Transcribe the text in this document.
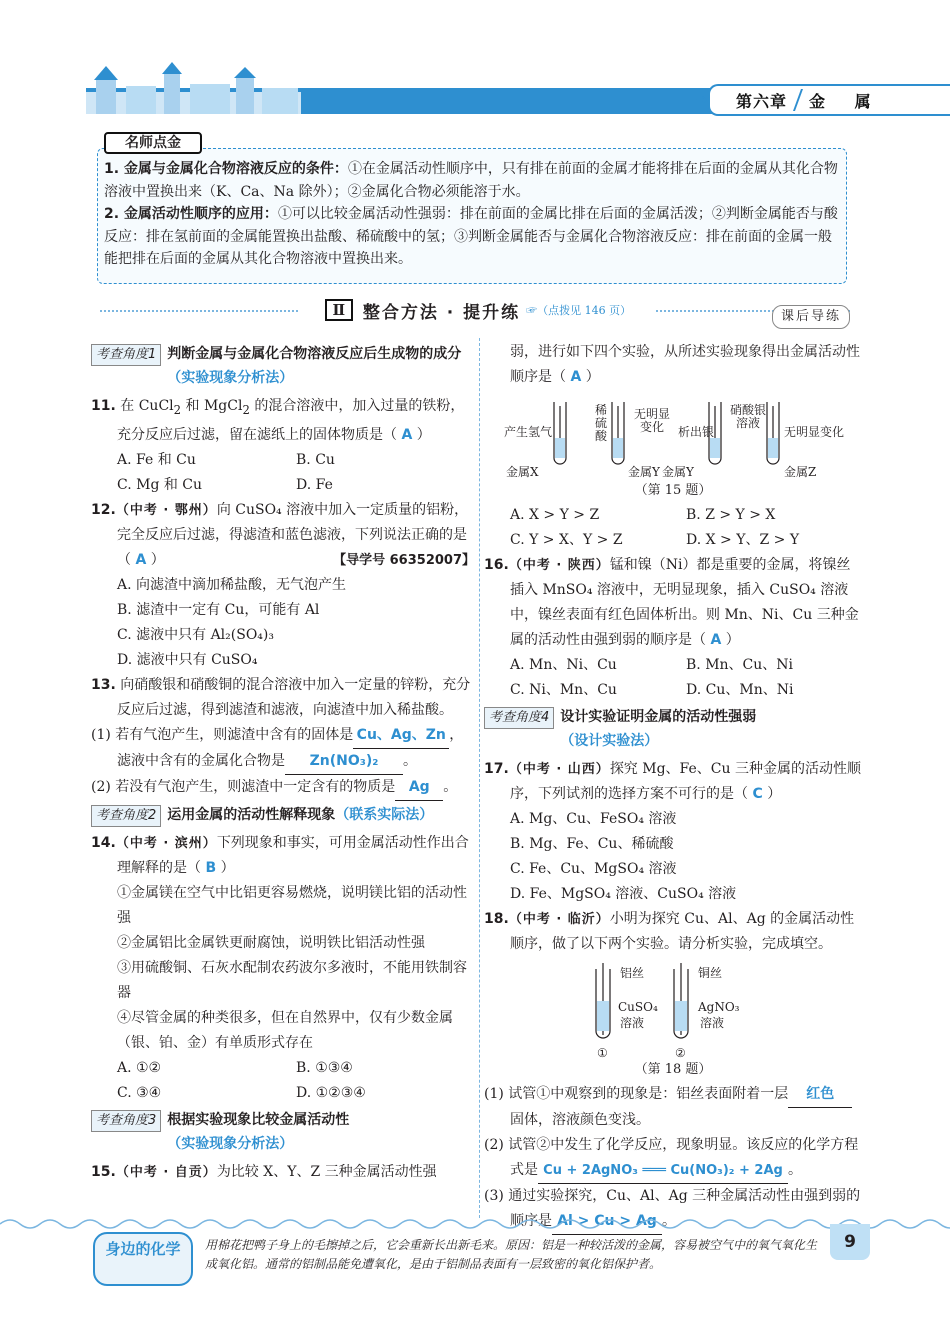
➜ 第六章 金 属
名师点金

1. 金属与金属化合物溶液反应的条件：①在金属活动性顺序中，只有排在前面的金属才能将排在后面的金属从其化合物溶液中置换出来（K、Ca、Na 除外）；②金属化合物必须能溶于水。

2. 金属活动性顺序的应用：①可以比较金属活动性强弱：排在前面的金属比排在后面的金属活泼；②判断金属能否与酸反应：排在氢前面的金属能置换出盐酸、稀硫酸中的氢；③判断金属能否与金属化合物溶液反应：排在前面的金属一般能把排在后面的金属从其化合物溶液中置换出来。

Ⅱ	整合方法 · 提升练 ☞（点拨见 146 页）	课后导练
考查角度1 判断金属与金属化合物溶液反应后生成物的成分（实验现象分析法）
11. 在 CuCl$_2$ 和 MgCl$_2$ 的混合溶液中，加入过量的铁粉，充分反应后过滤，留在滤纸上的固体物质是（ A ）
A. Fe 和 Cu	B. Cu
C. Mg 和 Cu	D. Fe
12.（中考 · 鄂州）向 CuSO₄ 溶液中加入一定质量的铝粉，完全反应后过滤，得滤渣和蓝色滤液，下列说法正确的是（ A ）	【导学号 66352007】
A. 向滤渣中滴加稀盐酸，无气泡产生
B. 滤渣中一定有 Cu，可能有 Al
C. 滤液中只有 Al₂(SO₄)₃
D. 滤液中只有 CuSO₄
13. 向硝酸银和硝酸铜的混合溶液中加入一定量的锌粉，充分反应后过滤，得到滤渣和滤液，向滤渣中加入稀盐酸。
(1) 若有气泡产生，则滤渣中含有的固体是 Cu、Ag、Zn ，
滤液中含有的金属化合物是 Zn(NO₃)₂ 。
(2) 若没有气泡产生，则滤渣中一定含有的物质是 Ag 。
考查角度2 运用金属的活动性解释现象（联系实际法）
14.（中考 · 滨州）下列现象和事实，可用金属活动性作出合理解释的是（ B ）
①金属镁在空气中比铝更容易燃烧，说明镁比铝的活动性强
②金属铝比金属铁更耐腐蚀，说明铁比铝活动性强
③用硫酸铜、石灰水配制农药波尔多液时，不能用铁制容器
④尽管金属的种类很多，但在自然界中，仅有少数金属（银、铂、金）有单质形式存在
A. ①②	B. ①③④
C. ③④	D. ①②③④
考查角度3 根据实验现象比较金属活动性（实验现象分析法）
15.（中考 · 自贡）为比较 X、Y、Z 三种金属活动性强
弱，进行如下四个实验，从所述实验现象得出金属活动性顺序是（ A ）
产生氢气
稀硫酸
无明显变化	析出银
硝酸银溶液
无明显变化
金属X	金属Y 金属Y	金属Z
（第 15 题）
A. X > Y > Z	B. Z > Y > X
C. Y > X、Y > Z	D. X > Y、Z > Y
16.（中考 · 陕西）锰和镍（Ni）都是重要的金属，将镍丝插入 MnSO₄ 溶液中，无明显现象，插入 CuSO₄ 溶液中，镍丝表面有红色固体析出。则 Mn、Ni、Cu 三种金属的活动性由强到弱的顺序是（ A ）
A. Mn、Ni、Cu	B. Mn、Cu、Ni
C. Ni、Mn、Cu	D. Cu、Mn、Ni
考查角度4 设计实验证明金属的活动性强弱
（设计实验法）
17.（中考 · 山西）探究 Mg、Fe、Cu 三种金属的活动性顺序，下列试剂的选择方案不可行的是（ C ）
A. Mg、Cu、FeSO₄ 溶液
B. Mg、Fe、Cu、稀硫酸
C. Fe、Cu、MgSO₄ 溶液
D. Fe、MgSO₄ 溶液、CuSO₄ 溶液
18.（中考 · 临沂）小明为探究 Cu、Al、Ag 的金属活动性顺序，做了以下两个实验。请分析实验，完成填空。
铝丝	铜丝
CuSO₄
溶液
AgNO₃
溶液
①	②
（第 18 题）
(1) 试管①中观察到的现象是：铝丝表面附着一层 红色固体，溶液颜色变浅。
(2) 试管②中发生了化学反应，现象明显。该反应的化学方程式是 Cu + 2AgNO₃ ═══ Cu(NO₃)₂ + 2Ag 。
(3) 通过实验探究，Cu、Al、Ag 三种金属活动性由强到弱的顺序是 Al > Cu > Ag 。
身边的化学	用棉花把鸭子身上的毛擦掉之后，它会重新长出新毛来。原因：铝是一种较活泼的金属，容易被空气中的氧气氧化生成氧化铝。通常的铝制品能免遭氧化，是由于铝制品表面有一层致密的氧化铝保护者。
9
